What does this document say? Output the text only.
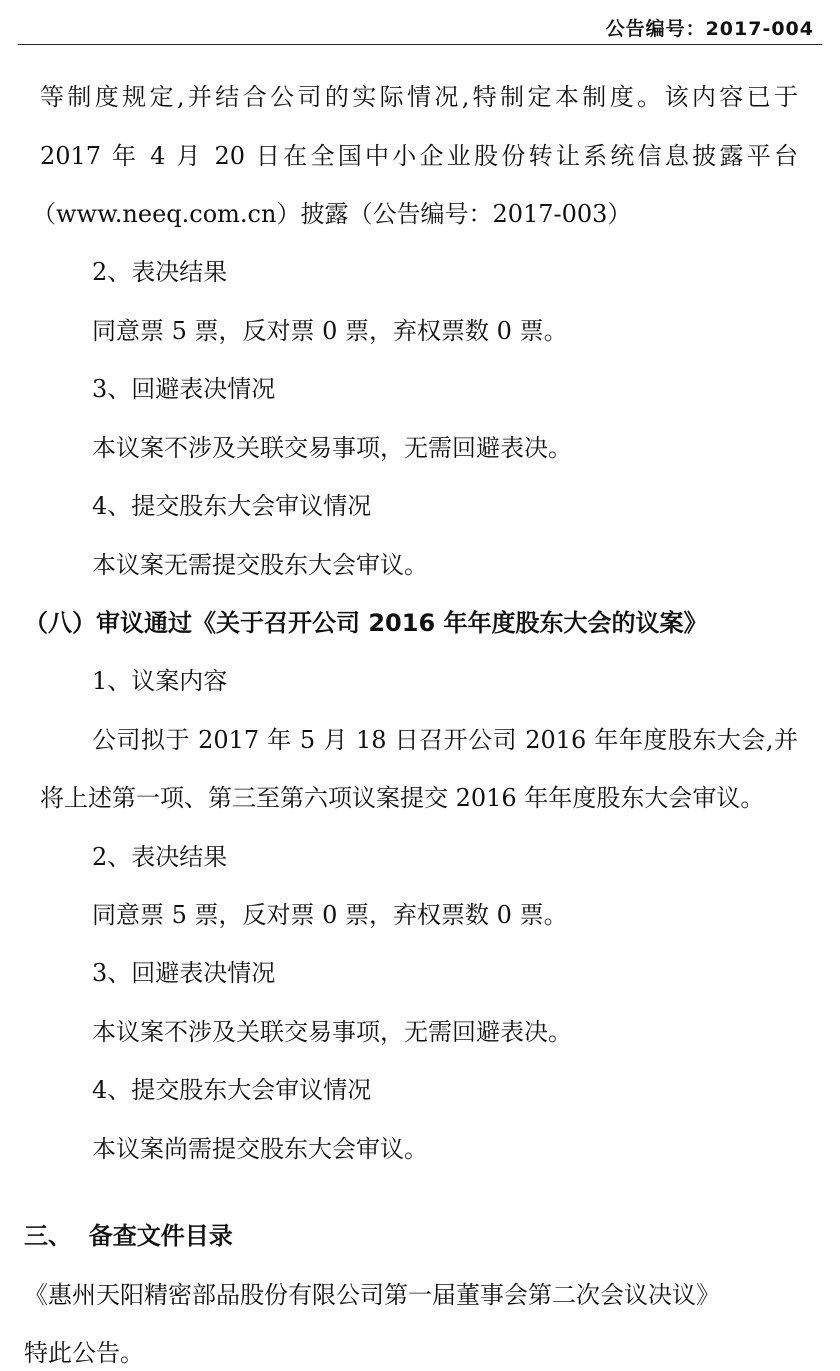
公告编号：2017-004
等制度规定,并结合公司的实际情况,特制定本制度。该内容已于
2017 年 4 月 20 日在全国中小企业股份转让系统信息披露平台
（www.neeq.com.cn）披露（公告编号：2017-003）
2、表决结果
同意票 5 票，反对票 0 票，弃权票数 0 票。
3、回避表决情况
本议案不涉及关联交易事项，无需回避表决。
4、提交股东大会审议情况
本议案无需提交股东大会审议。
（八）审议通过《关于召开公司 2016 年年度股东大会的议案》
1、议案内容
公司拟于 2017 年 5 月 18 日召开公司 2016 年年度股东大会,并
将上述第一项、第三至第六项议案提交 2016 年年度股东大会审议。
2、表决结果
同意票 5 票，反对票 0 票，弃权票数 0 票。
3、回避表决情况
本议案不涉及关联交易事项，无需回避表决。
4、提交股东大会审议情况
本议案尚需提交股东大会审议。
三、  备查文件目录
《惠州天阳精密部品股份有限公司第一届董事会第二次会议决议》
特此公告。
